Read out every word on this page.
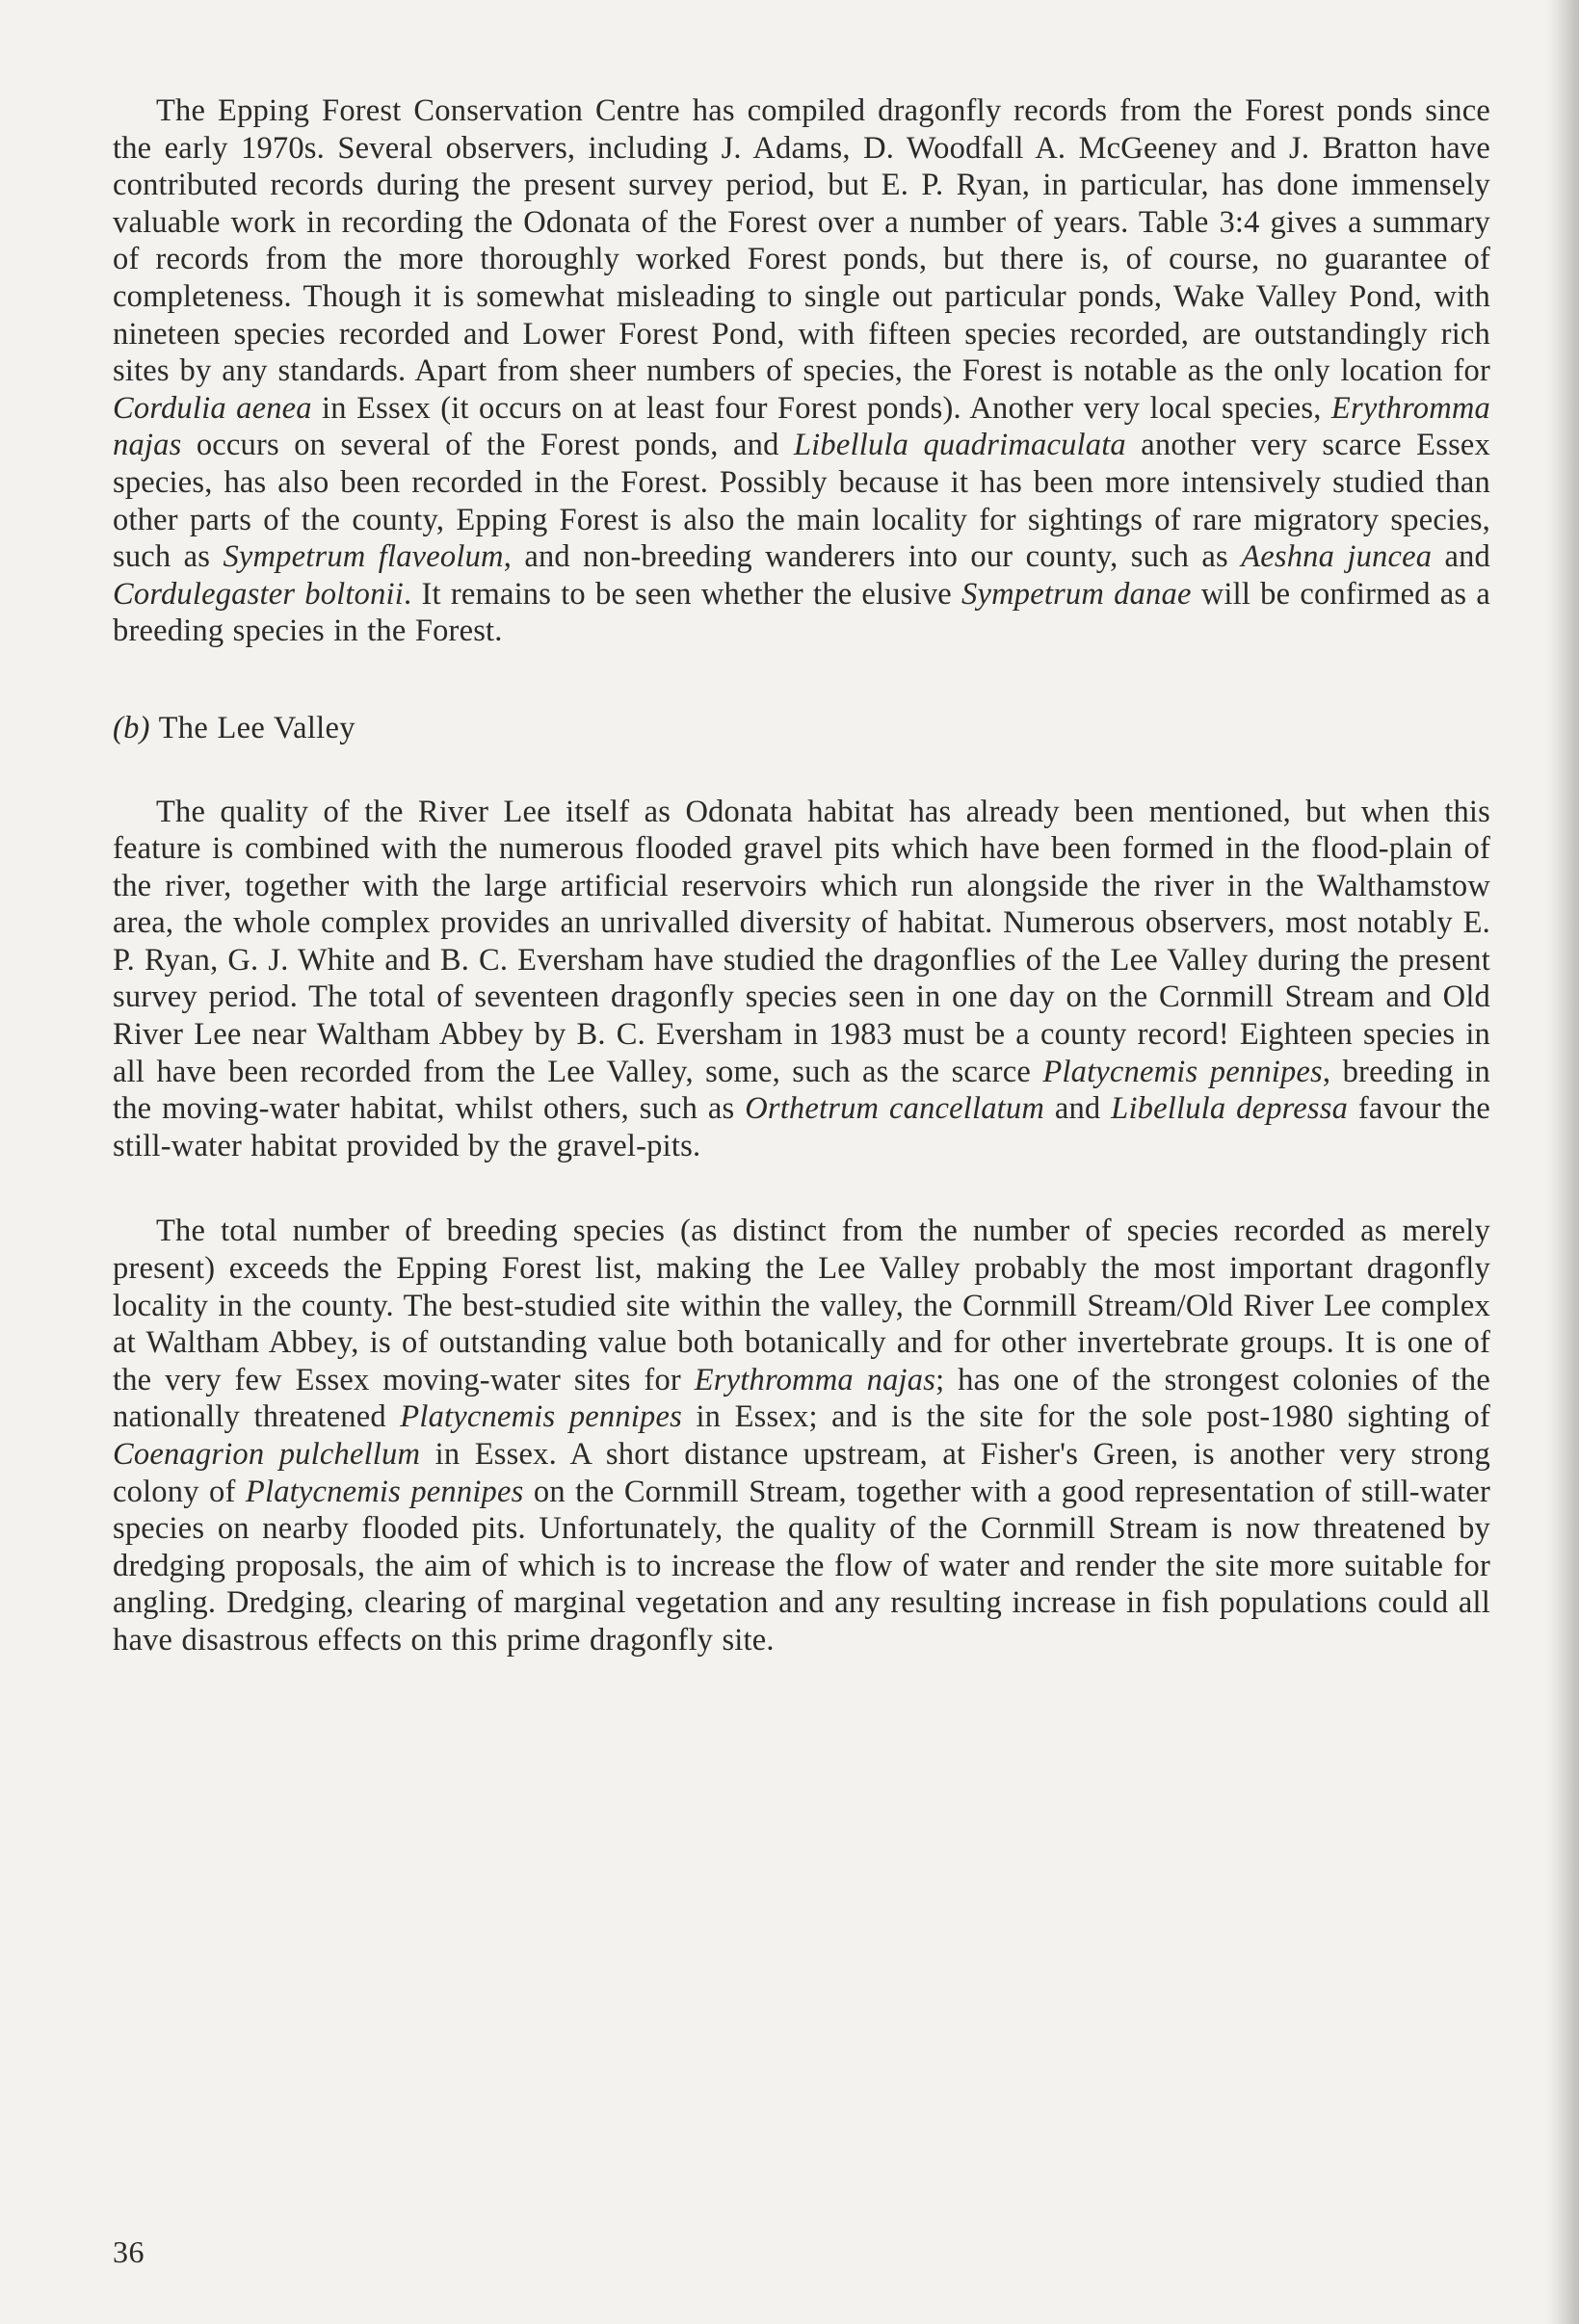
The Epping Forest Conservation Centre has compiled dragonfly records from the Forest ponds since the early 1970s. Several observers, including J. Adams, D. Woodfall A. McGeeney and J. Bratton have contributed records during the present survey period, but E. P. Ryan, in particular, has done immensely valuable work in recording the Odonata of the Forest over a number of years. Table 3:4 gives a summary of records from the more thoroughly worked Forest ponds, but there is, of course, no guarantee of completeness. Though it is somewhat misleading to single out particular ponds, Wake Valley Pond, with nineteen species recorded and Lower Forest Pond, with fifteen species recorded, are outstandingly rich sites by any standards. Apart from sheer numbers of species, the Forest is notable as the only location for Cordulia aenea in Essex (it occurs on at least four Forest ponds). Another very local species, Erythromma najas occurs on several of the Forest ponds, and Libellula quadrimaculata another very scarce Essex species, has also been recorded in the Forest. Possibly because it has been more intensively studied than other parts of the county, Epping Forest is also the main locality for sightings of rare migratory species, such as Sympetrum flaveolum, and non-breeding wanderers into our county, such as Aeshna juncea and Cordulegaster boltonii. It remains to be seen whether the elusive Sympetrum danae will be confirmed as a breeding species in the Forest.

(b) The Lee Valley

The quality of the River Lee itself as Odonata habitat has already been mentioned, but when this feature is combined with the numerous flooded gravel pits which have been formed in the flood-plain of the river, together with the large artificial reservoirs which run alongside the river in the Walthamstow area, the whole complex provides an unrivalled diversity of habitat. Numerous observers, most notably E. P. Ryan, G. J. White and B. C. Eversham have studied the dragonflies of the Lee Valley during the present survey period. The total of seventeen dragonfly species seen in one day on the Cornmill Stream and Old River Lee near Waltham Abbey by B. C. Eversham in 1983 must be a county record! Eighteen species in all have been recorded from the Lee Valley, some, such as the scarce Platycnemis pennipes, breeding in the moving-water habitat, whilst others, such as Orthetrum cancellatum and Libellula depressa favour the still-water habitat provided by the gravel-pits.

The total number of breeding species (as distinct from the number of species recorded as merely present) exceeds the Epping Forest list, making the Lee Valley probably the most important dragonfly locality in the county. The best-studied site within the valley, the Cornmill Stream/Old River Lee complex at Waltham Abbey, is of outstanding value both botanically and for other invertebrate groups. It is one of the very few Essex moving-water sites for Erythromma najas; has one of the strongest colonies of the nationally threatened Platycnemis pennipes in Essex; and is the site for the sole post-1980 sighting of Coenagrion pulchellum in Essex. A short distance upstream, at Fisher's Green, is another very strong colony of Platycnemis pennipes on the Cornmill Stream, together with a good representation of still-water species on nearby flooded pits. Unfortunately, the quality of the Cornmill Stream is now threatened by dredging proposals, the aim of which is to increase the flow of water and render the site more suitable for angling. Dredging, clearing of marginal vegetation and any resulting increase in fish populations could all have disastrous effects on this prime dragonfly site.

36
